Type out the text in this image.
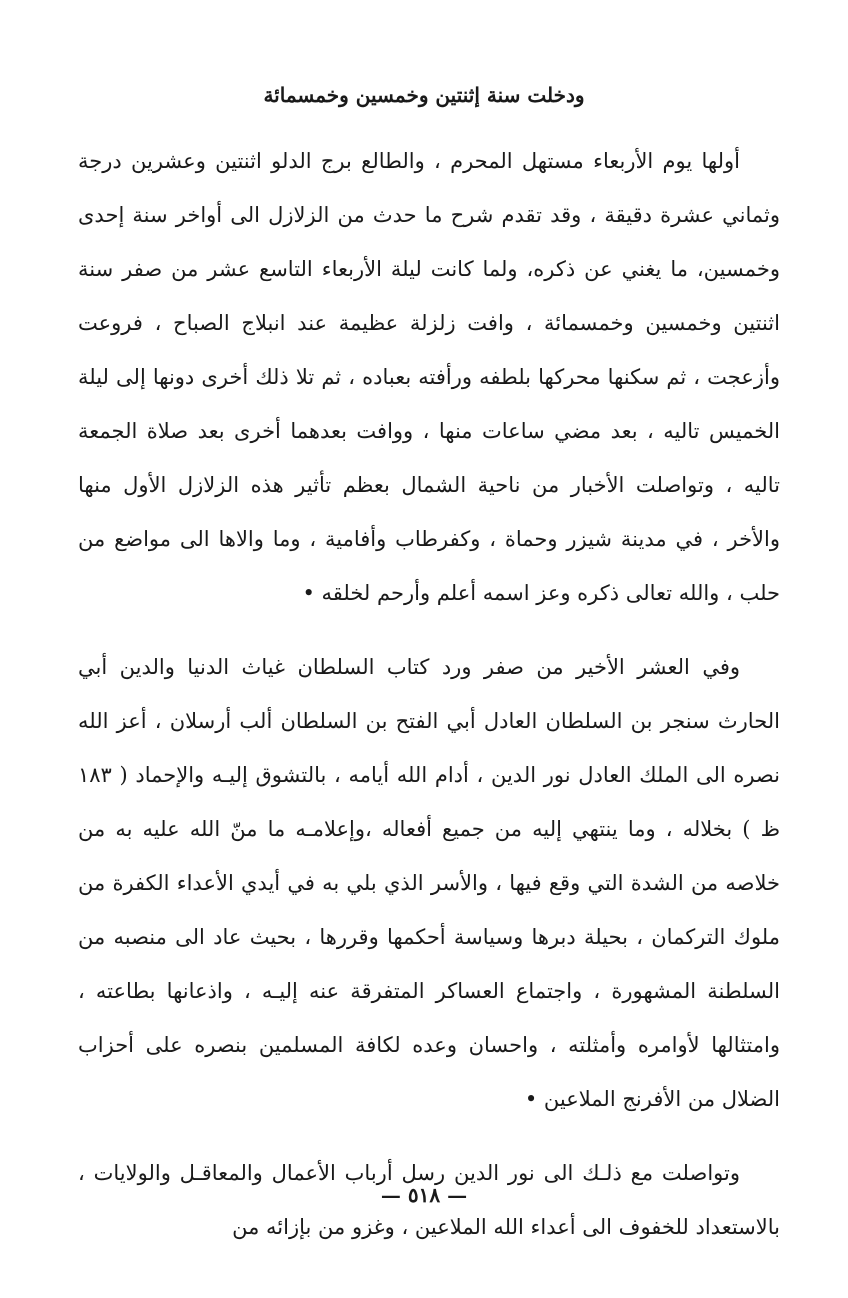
ودخلت سنة إثنتين وخمسين وخمسمائة

أولها يوم الأربعاء مستهل المحرم ، والطالع برج الدلو اثنتين وعشرين درجة وثماني عشرة دقيقة ، وقد تقدم شرح ما حدث من الزلازل الى أواخر سنة إحدى وخمسين، ما يغني عن ذكره، ولما كانت ليلة الأربعاء التاسع عشر من صفر سنة اثنتين وخمسين وخمسمائة ، وافت زلزلة عظيمة عند انبلاج الصباح ، فروعت وأزعجت ، ثم سكنها محركها بلطفه ورأفته بعباده ، ثم تلا ذلك أخرى دونها إلى ليلة الخميس تاليه ، بعد مضي ساعات منها ، ووافت بعدهما أخرى بعد صلاة الجمعة تاليه ، وتواصلت الأخبار من ناحية الشمال بعظم تأثير هذه الزلازل الأول منها والأخر ، في مدينة شيزر وحماة ، وكفرطاب وأفامية ، وما والاها الى مواضع من حلب ، والله تعالى ذكره وعز اسمه أعلم وأرحم لخلقه •

وفي العشر الأخير من صفر ورد كتاب السلطان غياث الدنيا والدين أبي الحارث سنجر بن السلطان العادل أبي الفتح بن السلطان ألب أرسلان ، أعز الله نصره الى الملك العادل نور الدين ، أدام الله أيامه ، بالتشوق إليـه والإحماد ( ١٨٣ ظ ) بخلاله ، وما ينتهي إليه من جميع أفعاله ،وإعلامـه ما منّ الله عليه به من خلاصه من الشدة التي وقع فيها ، والأسر الذي بلي به في أيدي الأعداء الكفرة من ملوك التركمان ، بحيلة دبرها وسياسة أحكمها وقررها ، بحيث عاد الى منصبه من السلطنة المشهورة ، واجتماع العساكر المتفرقة عنه إليـه ، واذعانها بطاعته ، وامتثالها لأوامره وأمثلته ، واحسان وعده لكافة المسلمين بنصره على أحزاب الضلال من الأفرنج الملاعين •

وتواصلت مع ذلـك الى نور الدين رسل أرباب الأعمال والمعاقـل والولايات ، بالاستعداد للخفوف الى أعداء الله الملاعين ، وغزو من بإزائه من

— ٥١٨ —
